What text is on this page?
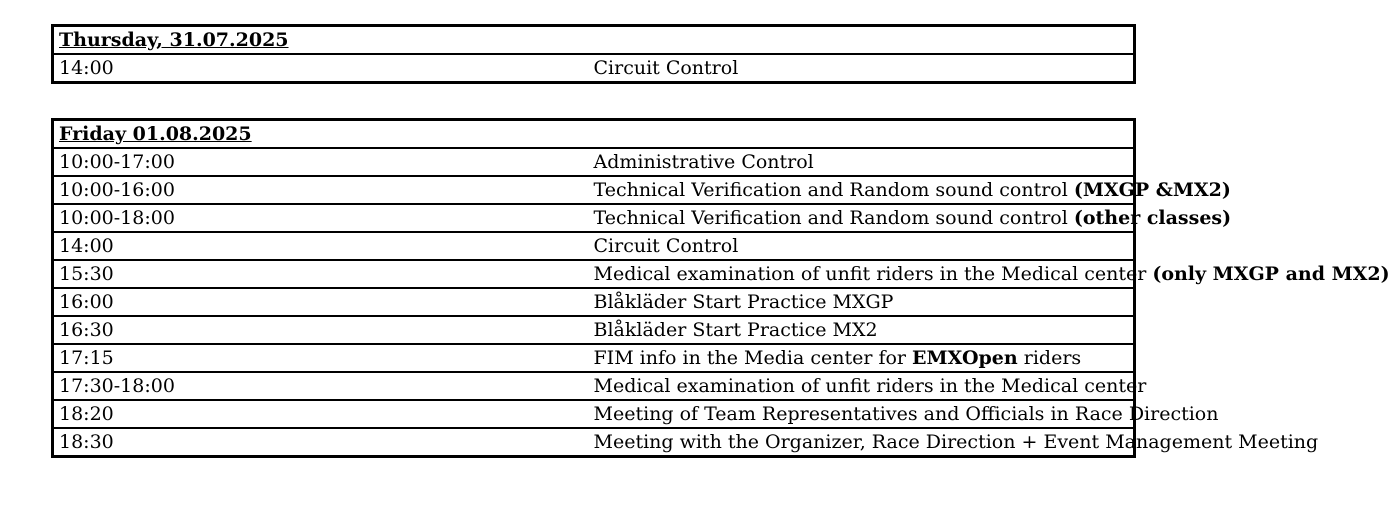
Thursday, 31.07.2025
14:00	Circuit Control
Friday 01.08.2025	
10:00-17:00	Administrative Control
10:00-16:00	Technical Verification and Random sound control (MXGP &MX2)
10:00-18:00	Technical Verification and Random sound control (other classes)
14:00	Circuit Control
15:30	Medical examination of unfit riders in the Medical center (only MXGP and MX2)
16:00	Blåkläder Start Practice MXGP
16:30	Blåkläder Start Practice MX2
17:15	FIM info in the Media center for EMXOpen riders
17:30-18:00	Medical examination of unfit riders in the Medical center
18:20	Meeting of Team Representatives and Officials in Race Direction
18:30	Meeting with the Organizer, Race Direction + Event Management Meeting
